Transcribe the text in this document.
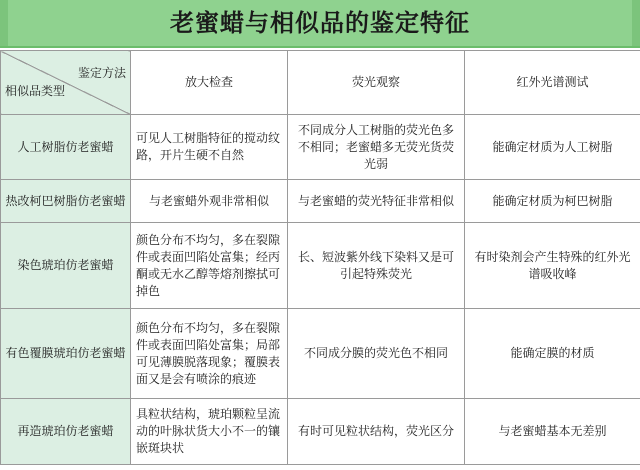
老蜜蜡与相似品的鉴定特征
鉴定方法
相似品类型	放大检查	荧光观察	红外光谱测试
人工树脂仿老蜜蜡	可见人工树脂特征的搅动纹路，开片生硬不自然	不同成分人工树脂的荧光色多不相同；老蜜蜡多无荧光货荧光弱	能确定材质为人工树脂
热改柯巴树脂仿老蜜蜡	与老蜜蜡外观非常相似	与老蜜蜡的荧光特征非常相似	能确定材质为柯巴树脂
染色琥珀仿老蜜蜡	颜色分布不均匀，多在裂隙件或表面凹陷处富集；经丙酮或无水乙醇等熔剂擦拭可掉色	长、短波紫外线下染料又是可引起特殊荧光	有时染剂会产生特殊的红外光谱吸收峰
有色覆膜琥珀仿老蜜蜡	颜色分布不均匀，多在裂隙件或表面凹陷处富集；局部可见薄膜脱落现象；覆膜表面又是会有喷涂的痕迹	不同成分膜的荧光色不相同	能确定膜的材质
再造琥珀仿老蜜蜡	具粒状结构，琥珀颗粒呈流动的叶脉状货大小不一的镶嵌斑块状	有时可见粒状结构，荧光区分	与老蜜蜡基本无差别
